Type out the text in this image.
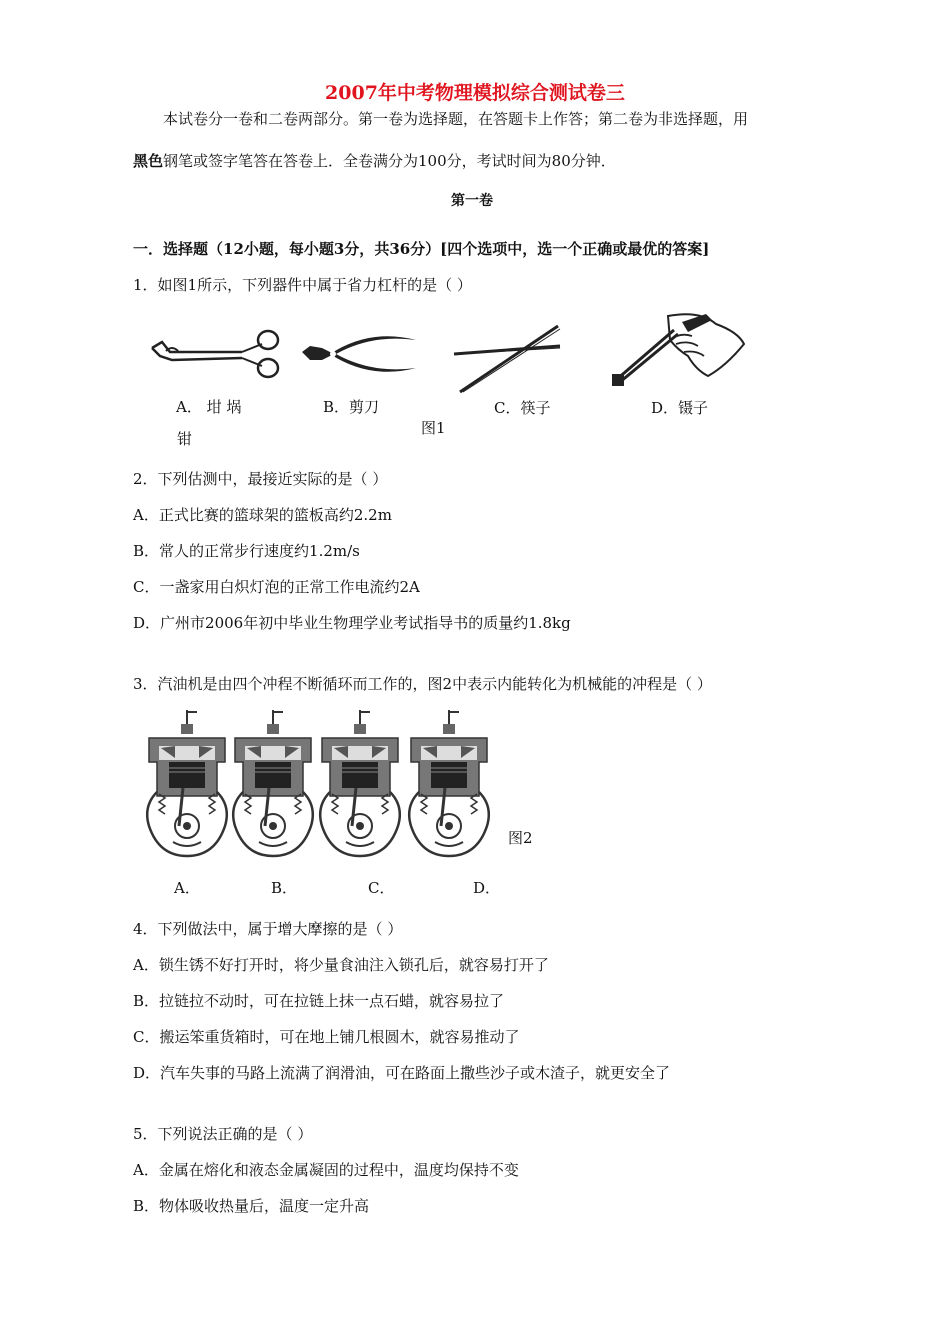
2007年中考物理模拟综合测试卷三
本试卷分一卷和二卷两部分。第一卷为选择题，在答题卡上作答；第二卷为非选择题，用
黑色钢笔或签字笔答在答卷上．全卷满分为100分，考试时间为80分钟．
第一卷
一．选择题（12小题，每小题3分，共36分）[四个选项中，选一个正确或最优的答案]
1．如图1所示，下列器件中属于省力杠杆的是（ ）
A． 坩 埚	B．剪刀	C．筷子	D．镊子
图1
钳
2．下列估测中，最接近实际的是（ ）
A．正式比赛的篮球架的篮板高约2.2m
B．常人的正常步行速度约1.2m/s
C．一盏家用白炽灯泡的正常工作电流约2A
D．广州市2006年初中毕业生物理学业考试指导书的质量约1.8kg
3．汽油机是由四个冲程不断循环而工作的，图2中表示内能转化为机械能的冲程是（ ）
图2
A．	B．	C．	D．
4．下列做法中，属于增大摩擦的是（ ）
A．锁生锈不好打开时，将少量食油注入锁孔后，就容易打开了
B．拉链拉不动时，可在拉链上抹一点石蜡，就容易拉了
C．搬运笨重货箱时，可在地上铺几根圆木，就容易推动了
D．汽车失事的马路上流满了润滑油，可在路面上撒些沙子或木渣子，就更安全了
5．下列说法正确的是（ ）
A．金属在熔化和液态金属凝固的过程中，温度均保持不变
B．物体吸收热量后，温度一定升高
